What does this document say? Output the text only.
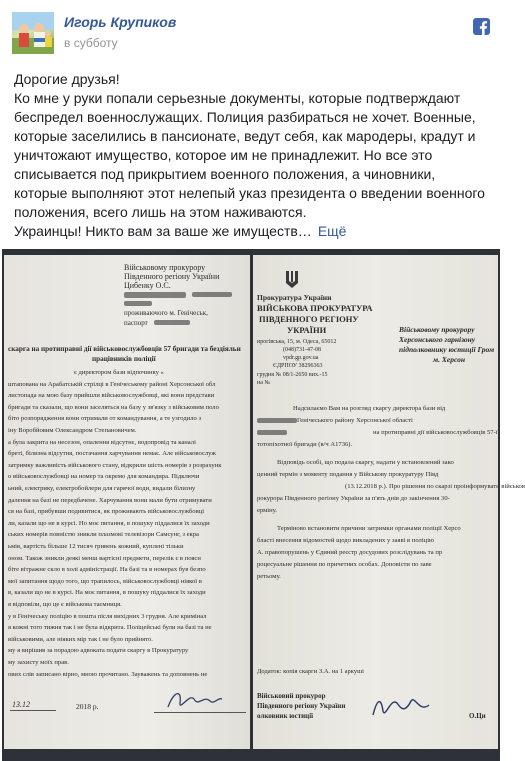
Игорь Крупиков
в субботу

Дорогие друзья!

Ко мне у руки попали серьезные документы, которые подтверждают беспредел военнослужащих. Полиция разбираться не хочет. Военные, которые заселились в пансионате, ведут себя, как мародеры, крадут и уничтожают имущество, которое им не принадлежит. Но все это списывается под прикрытием военного положения, а чиновники, которые выполняют этот нелепый указ президента о введении военного положения, всего лишь на этом наживаются.

Украинцы! Никто вам за ваше же имуществ… Ещё

Військовому прокурору
Південного регіону України
Цибенку О.С.
проживаючого м. Генічеськ,
паспорт
скарга на протиправні дії військовослужбовців 57 бригади та бездіяльн
працівників поліції
є директором бази відпочинку «
штапована на Арабатській стрілці в Генічеському районі Херсонської обл
листопада на мою базу прийшли військовослужбовці, які вони представи
бригади та сказали, що вони заселяться на базу у зв'язку з військовим поло
біто розпорядження вони отримали от командування, а те узгодило з
іну Воробйовим Олександром Степановичем.
а була закрита на несезон, опалення відсутнє, водопровід та каналі
бреті, білизна відсутня, постачання харчування немає. Але військовослуж
затримку важливість військового стану, відкрили шість номерів з розрахунк
о військовослужбовці на номер та окремо для командира. Підключи
ьний, електрику, електробойлери для гарячої води, видали білизну
далення на базі не передбачене. Харчування вони мали бути отримувати
ся на базі, прибувши подивитися, як проживають військовослужбовці
ли, казали що не в курсі. Но моє питання, в пошуку піддалися їх заходи
ських номерів повністю зникли плазмові телевізори Самсунг, з екра
ьмів, вартість більше 12 тисяч гривень кожний, куплені тільки
оном. Також зникли деякі менш вартісні предмети, перелік є в поясн
біте вітражне скло в холі адміністрації. На базі та в номерах був безпо
мої запитання щодо того, що трапилось, військовослужбовці ніякої в
в, казали що не в курсі. На моє питання, в пошуку піддалися їх заходи
я відповіли, що це є військова таємниця.
у в Генічеську поліцію в пошта після вихідних 3 грудня. Але кримінал
я кожні того тижня так і не була відкрита. Поліцейські були на базі та не
військовими, але ніяких мір так і не було прийнято.
му я вирішив за порадою адвоката подати скаргу в Прокуратуру
му захисту моїх прав.
ових слів записано вірно, мною прочитано. Зауважень та доповнень не
13.12	2018 р.
Прокуратура України
ВІЙСЬКОВА ПРОКУРАТУРА
ПІВДЕННОГО РЕГІОНУ
УКРАЇНИ
ирогівська, 15, м. Одеса, 65012
(048)731-47-08
vpdr.gp.gov.ua
ЄДРПОУ 38296363
грудня № 08/1-2650 вих.-15
на №
Військовому прокурору
Херсонського гарнізону
підполковнику юстиції Гром
м. Херсон
Надсилаємо Вам на розгляд скаргу директора бази від
Генічеського району Херсонської області
на протиправні дії військовослужбовців 57-ї
тотопіхотної бригади (в/ч А1736).
Відповідь особі, що подала скаргу, надати у встановлений зако
ценний термін з моменту подання у Військову прокуратуру Півд
(13.12.2018 р.). Про рішення по скарзі проінформувати військов
рокурора Південного регіону України за п'ять днів до закінчення 30-
ерміну.
Терміново встановити причини затримки органами поліції Херсо
бласті внесення відомостей щодо викладених у заяві в поліцію
А. правопорушень у Єдиний реєстр досудових розслідувань та пр
роцесуальне рішення по причетних особах. Доповісти по заве
ретьому.
Додаток: копія скарги З.А. на 1 аркуші
Військовий прокурор
Південного регіону України
олковник юстиції	О.Ци
